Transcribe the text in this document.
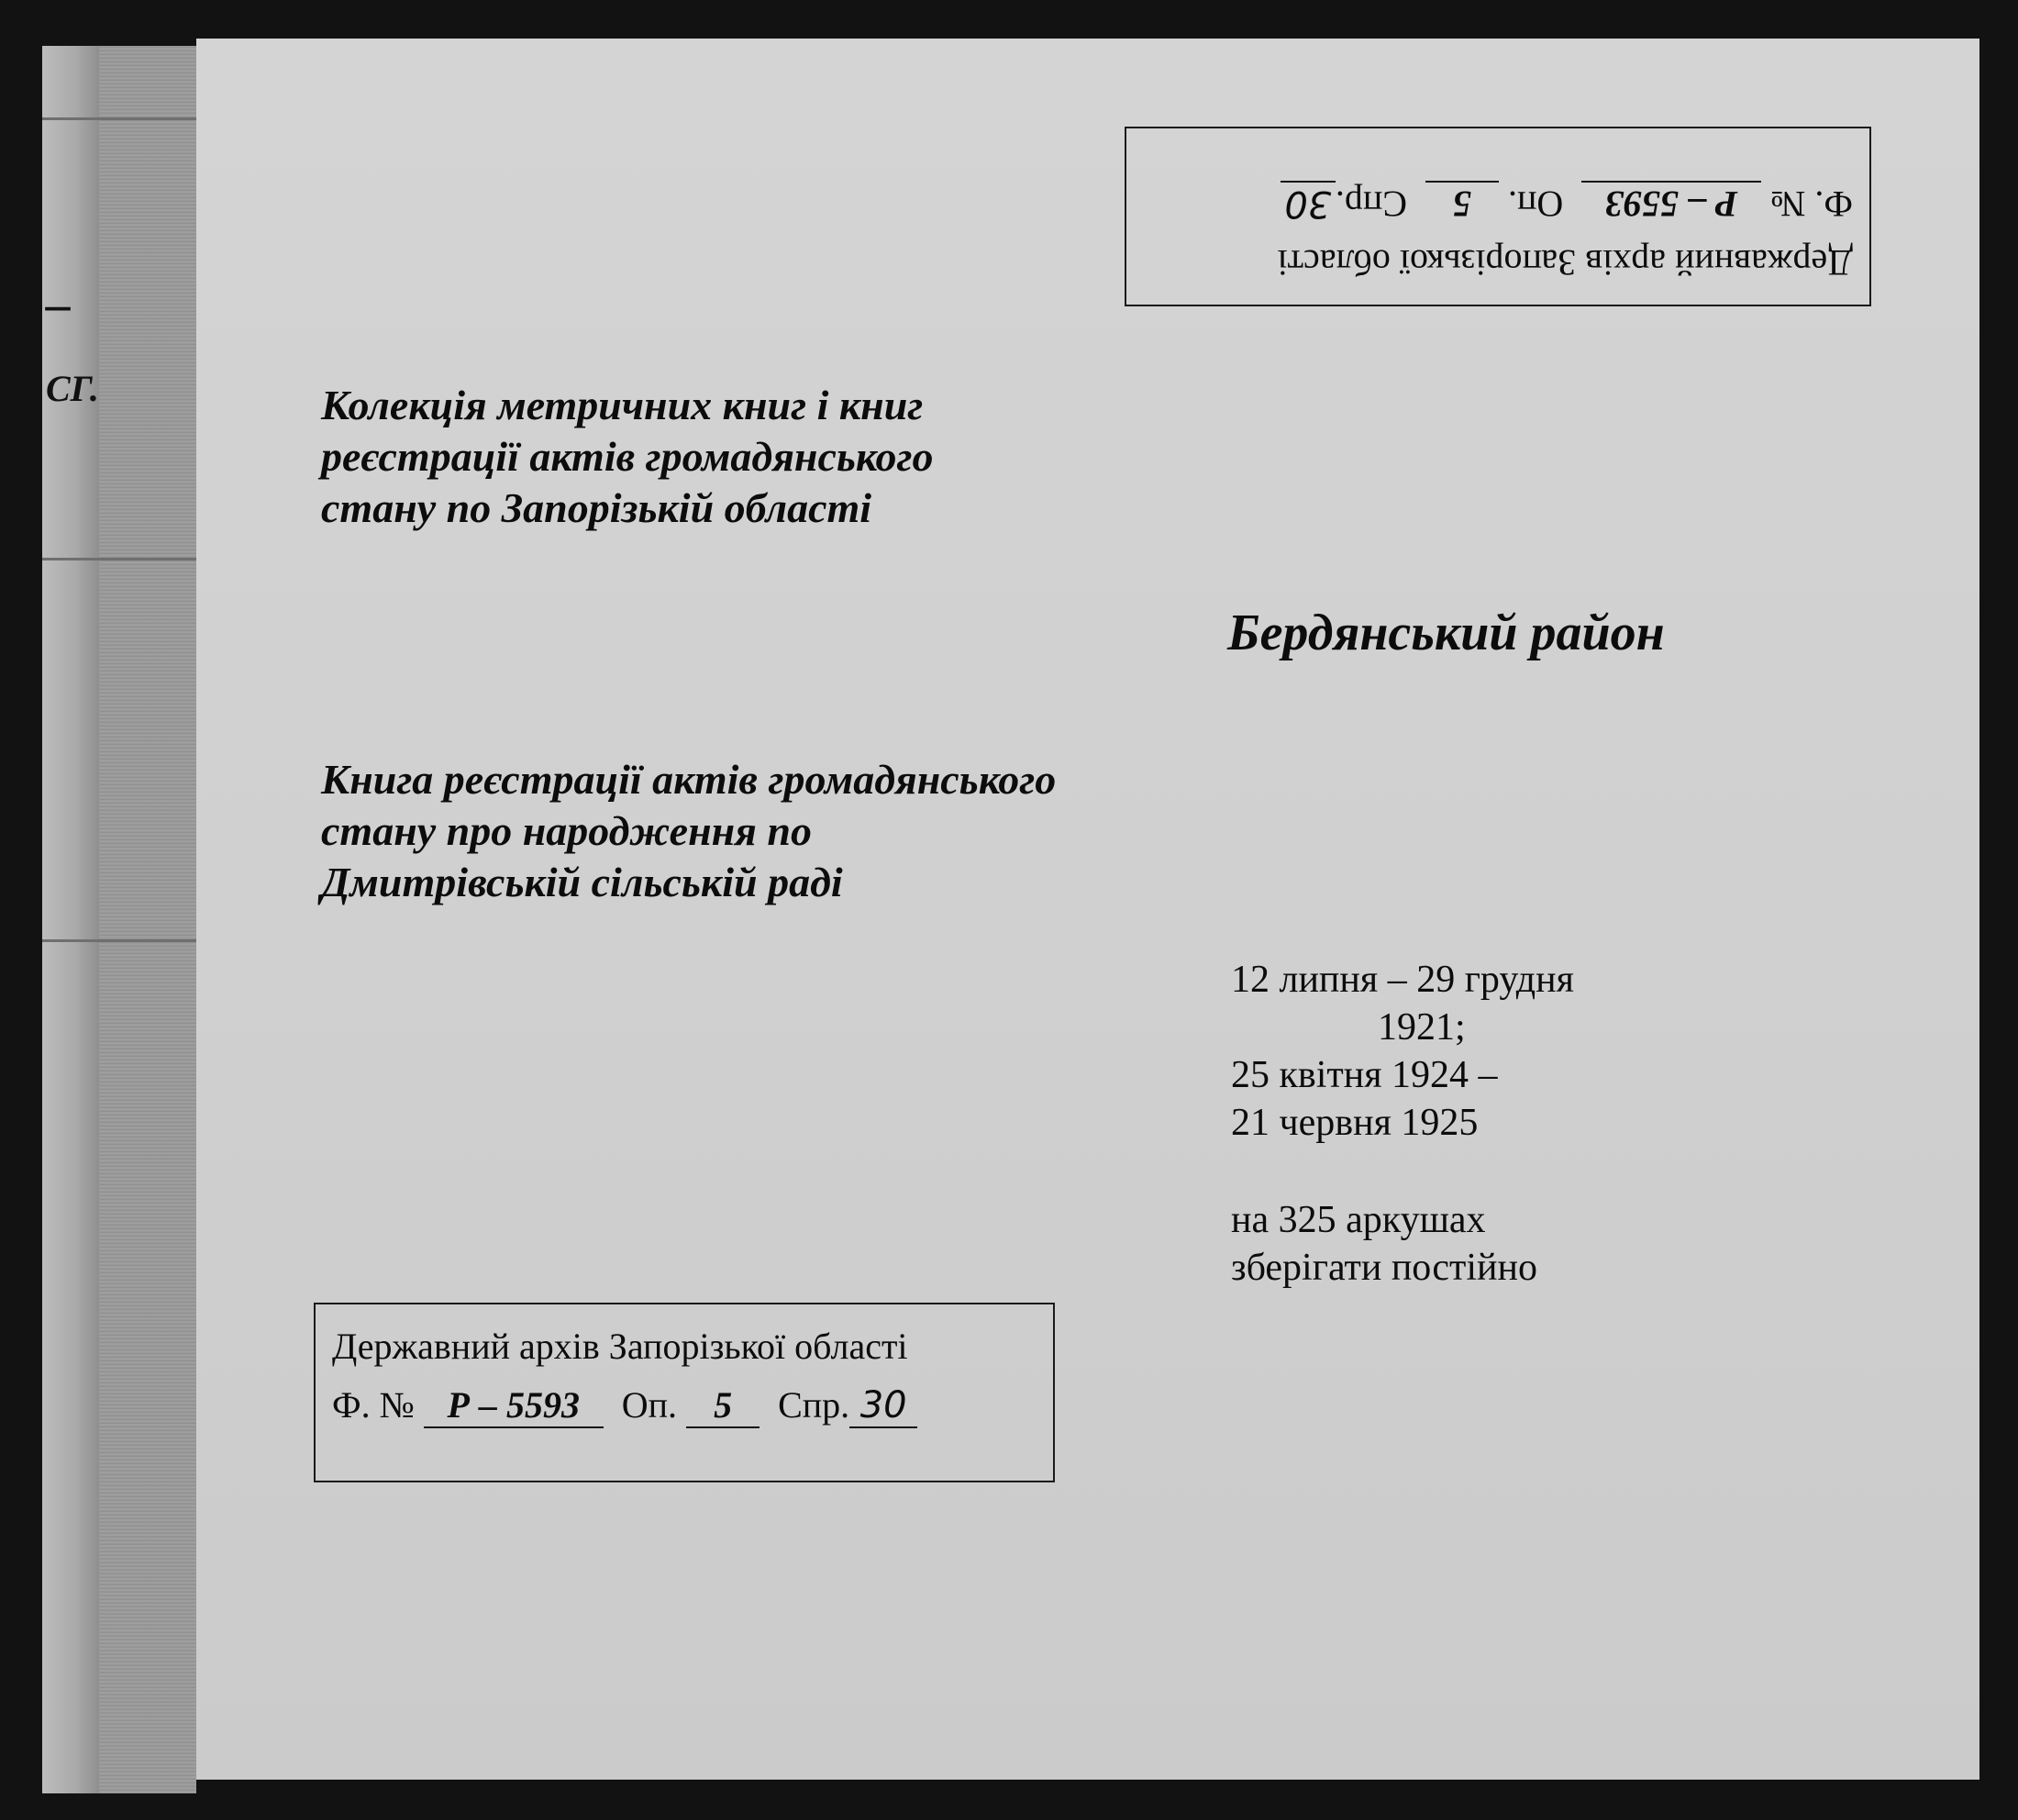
–
СГ.
Державний архів Запорізької області
Ф. № Р – 5593  Оп. 5  Спр.30
Колекція метричних книг і книг
реєстрації актів громадянського
стану по Запорізькій області
Бердянський район
Книга реєстрації актів громадянського
стану про народження по
Дмитрівській сільській раді
12 липня – 29 грудня
1921;
25 квітня 1924 –
21 червня 1925
на 325 аркушах
зберігати постійно
Державний архів Запорізької області
Ф. № Р – 5593 Оп. 5 Спр. 30
